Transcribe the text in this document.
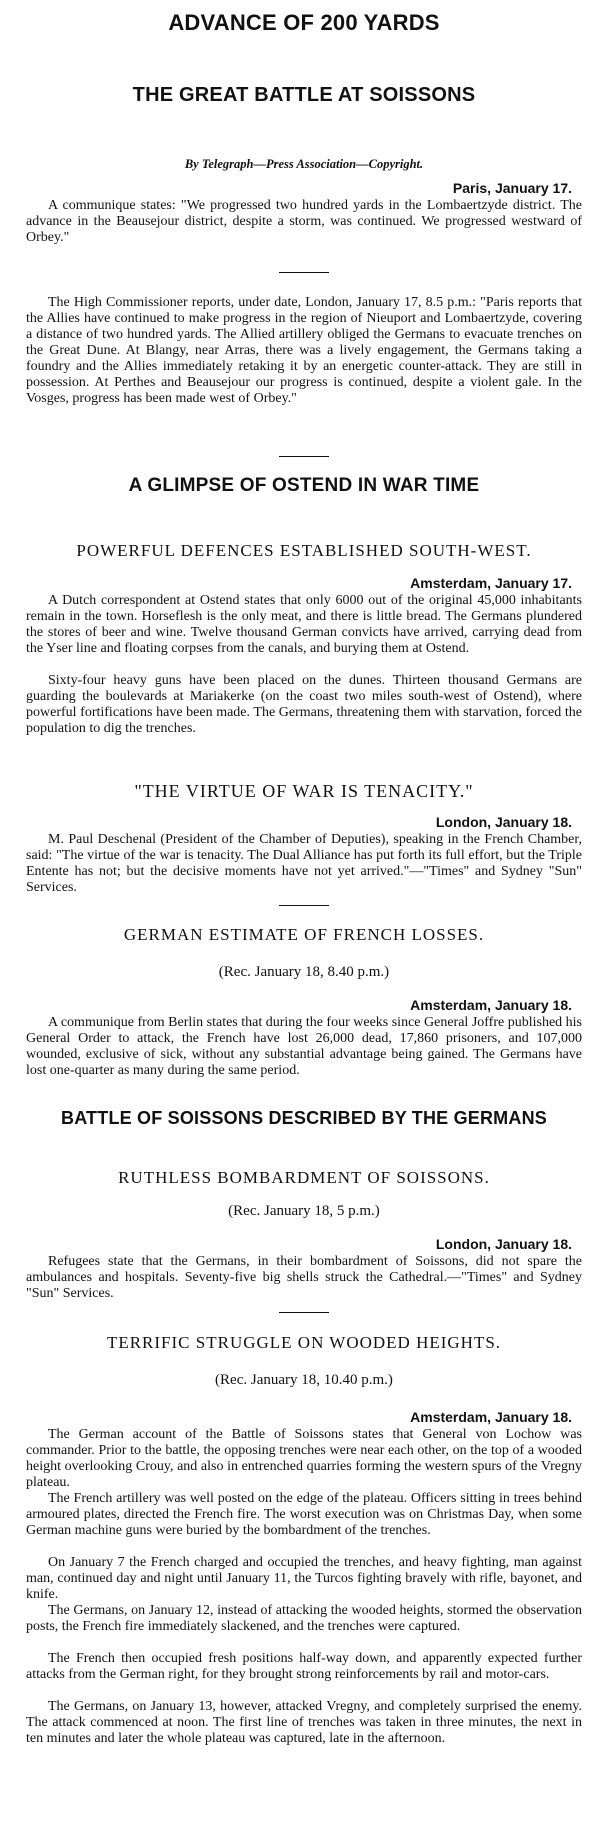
ADVANCE OF 200 YARDS
THE GREAT BATTLE AT SOISSONS

By Telegraph—Press Association—Copyright.

Paris, January 17.

A communique states: "We progressed two hundred yards in the Lombaertzyde district. The advance in the Beausejour district, despite a storm, was continued. We progressed westward of Orbey."

The High Commissioner reports, under date, London, January 17, 8.5 p.m.: "Paris reports that the Allies have continued to make progress in the region of Nieuport and Lombaertzyde, covering a distance of two hundred yards. The Allied artillery obliged the Germans to evacuate trenches on the Great Dune. At Blangy, near Arras, there was a lively engagement, the Germans taking a foundry and the Allies immediately retaking it by an energetic counter-attack. They are still in possession. At Perthes and Beausejour our progress is continued, despite a violent gale. In the Vosges, progress has been made west of Orbey."

A GLIMPSE OF OSTEND IN WAR TIME
POWERFUL DEFENCES ESTABLISHED SOUTH-WEST.

Amsterdam, January 17.

A Dutch correspondent at Ostend states that only 6000 out of the original 45,000 inhabitants remain in the town. Horseflesh is the only meat, and there is little bread. The Germans plundered the stores of beer and wine. Twelve thousand German convicts have arrived, carrying dead from the Yser line and floating corpses from the canals, and burying them at Ostend.

Sixty-four heavy guns have been placed on the dunes. Thirteen thousand Germans are guarding the boulevards at Mariakerke (on the coast two miles south-west of Ostend), where powerful fortifications have been made. The Germans, threatening them with starvation, forced the population to dig the trenches.

"THE VIRTUE OF WAR IS TENACITY."

London, January 18.

M. Paul Deschenal (President of the Chamber of Deputies), speaking in the French Chamber, said: "The virtue of the war is tenacity. The Dual Alliance has put forth its full effort, but the Triple Entente has not; but the decisive moments have not yet arrived."—"Times" and Sydney "Sun" Services.

GERMAN ESTIMATE OF FRENCH LOSSES.

(Rec. January 18, 8.40 p.m.)

Amsterdam, January 18.

A communique from Berlin states that during the four weeks since General Joffre published his General Order to attack, the French have lost 26,000 dead, 17,860 prisoners, and 107,000 wounded, exclusive of sick, without any substantial advantage being gained. The Germans have lost one-quarter as many during the same period.

BATTLE OF SOISSONS DESCRIBED BY THE GERMANS
RUTHLESS BOMBARDMENT OF SOISSONS.

(Rec. January 18, 5 p.m.)

London, January 18.

Refugees state that the Germans, in their bombardment of Soissons, did not spare the ambulances and hospitals. Seventy-five big shells struck the Cathedral.—"Times" and Sydney "Sun" Services.

TERRIFIC STRUGGLE ON WOODED HEIGHTS.

(Rec. January 18, 10.40 p.m.)

Amsterdam, January 18.

The German account of the Battle of Soissons states that General von Lochow was commander. Prior to the battle, the opposing trenches were near each other, on the top of a wooded height overlooking Crouy, and also in entrenched quarries forming the western spurs of the Vregny plateau.

The French artillery was well posted on the edge of the plateau. Officers sitting in trees behind armoured plates, directed the French fire. The worst execution was on Christmas Day, when some German machine guns were buried by the bombardment of the trenches.

On January 7 the French charged and occupied the trenches, and heavy fighting, man against man, continued day and night until January 11, the Turcos fighting bravely with rifle, bayonet, and knife.

The Germans, on January 12, instead of attacking the wooded heights, stormed the observation posts, the French fire immediately slackened, and the trenches were captured.

The French then occupied fresh positions half-way down, and apparently expected further attacks from the German right, for they brought strong reinforcements by rail and motor-cars.

The Germans, on January 13, however, attacked Vregny, and completely surprised the enemy. The attack commenced at noon. The first line of trenches was taken in three minutes, the next in ten minutes and later the whole plateau was captured, late in the afternoon.
